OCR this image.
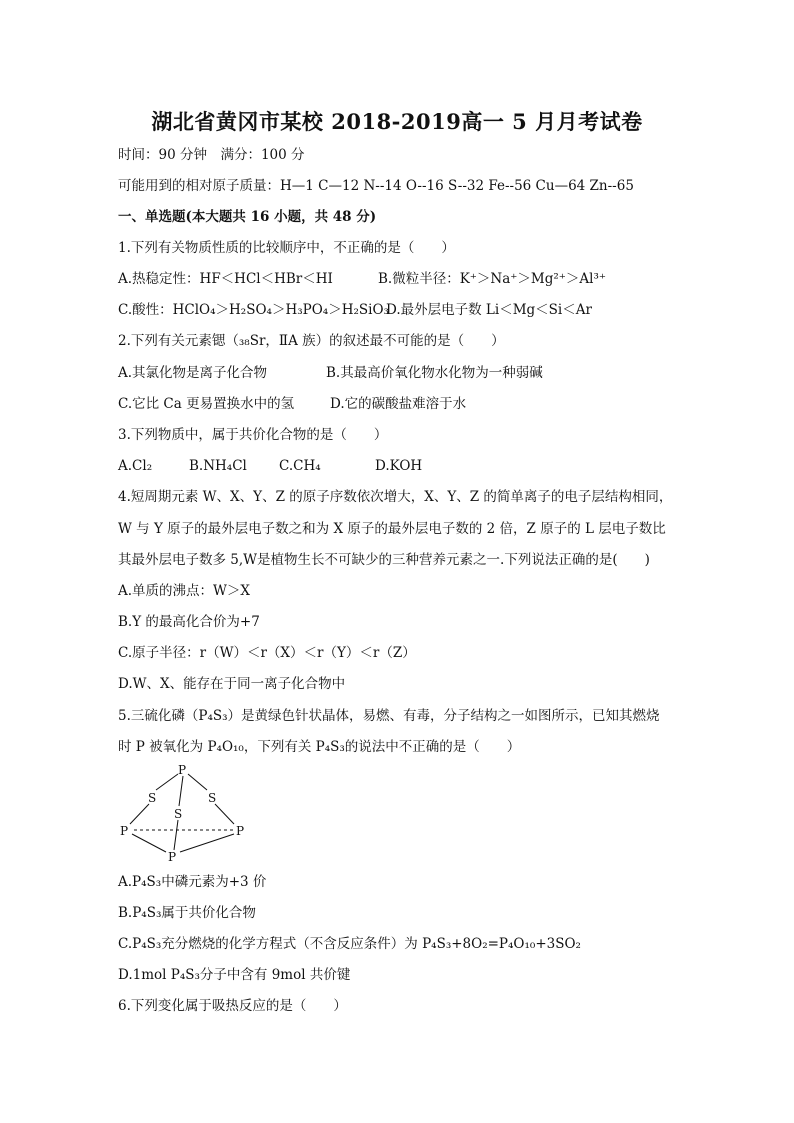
湖北省黄冈市某校 2018-2019高一 5 月月考试卷
时间：90 分钟　满分：100 分
可能用到的相对原子质量：H—1 C—12 N--14 O--16 S--32 Fe--56 Cu—64 Zn--65
一、单选题(本大题共 16 小题，共 48 分)
1.下列有关物质性质的比较顺序中，不正确的是（　　）
A.热稳定性：HF＜HCl＜HBr＜HI	B.微粒半径：K⁺＞Na⁺＞Mg²⁺＞Al³⁺
C.酸性：HClO₄＞H₂SO₄＞H₃PO₄＞H₂SiO₃
D.最外层电子数 Li＜Mg＜Si＜Ar
2.下列有关元素锶（₃₈Sr，ⅡA 族）的叙述最不可能的是（　　）
A.其氯化物是离子化合物	B.其最高价氧化物水化物为一种弱碱
C.它比 Ca 更易置换水中的氢	D.它的碳酸盐难溶于水
3.下列物质中，属于共价化合物的是（　　）
A.Cl₂	B.NH₄Cl C.CH₄	D.KOH
4.短周期元素 W、X、Y、Z 的原子序数依次增大，X、Y、Z 的简单离子的电子层结构相同，
W 与 Y 原子的最外层电子数之和为 X 原子的最外层电子数的 2 倍，Z 原子的 L 层电子数比
其最外层电子数多 5,W是植物生长不可缺少的三种营养元素之一.下列说法正确的是(　　)
A.单质的沸点：W＞X
B.Y 的最高化合价为+7
C.原子半径：r（W）＜r（X）＜r（Y）＜r（Z）
D.W、X、能存在于同一离子化合物中
5.三硫化磷（P₄S₃）是黄绿色针状晶体，易燃、有毒，分子结构之一如图所示，已知其燃烧
时 P 被氧化为 P₄O₁₀，下列有关 P₄S₃的说法中不正确的是（　　）
P
S	S
S
P	P
P
A.P₄S₃中磷元素为+3 价
B.P₄S₃属于共价化合物
C.P₄S₃充分燃烧的化学方程式（不含反应条件）为 P₄S₃+8O₂=P₄O₁₀+3SO₂
D.1mol P₄S₃分子中含有 9mol 共价键
6.下列变化属于吸热反应的是（　　）
